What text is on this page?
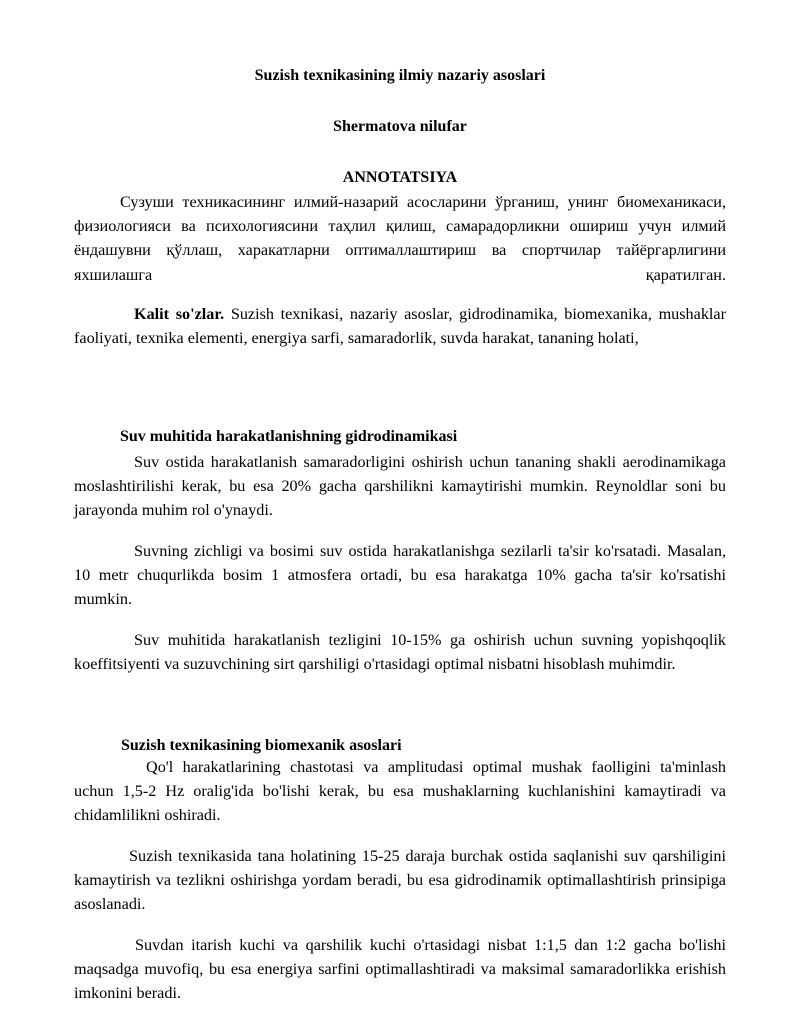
Suzish texnikasining ilmiy nazariy asoslari
Shermatova nilufar
ANNOTATSIYA

Сузуши техникасининг илмий-назарий асосларини ўрганиш, унинг биомеханикаси, физиологияси ва психологиясини таҳлил қилиш, самарадорликни ошириш учун илмий ёндашувни қўллаш, харакатларни оптималлаштириш ва спортчилар тайёргарлигини яхшилашга қаратилган.

Kalit so'zlar. Suzish texnikasi, nazariy asoslar, gidrodinamika, biomexanika, mushaklar faoliyati, texnika elementi, energiya sarfi, samaradorlik, suvda harakat, tananing holati,

Suv muhitida harakatlanishning gidrodinamikasi

Suv ostida harakatlanish samaradorligini oshirish uchun tananing shakli aerodinamikaga moslashtirilishi kerak, bu esa 20% gacha qarshilikni kamaytirishi mumkin. Reynoldlar soni bu jarayonda muhim rol o'ynaydi.

Suvning zichligi va bosimi suv ostida harakatlanishga sezilarli ta'sir ko'rsatadi. Masalan, 10 metr chuqurlikda bosim 1 atmosfera ortadi, bu esa harakatga 10% gacha ta'sir ko'rsatishi mumkin.

Suv muhitida harakatlanish tezligini 10-15% ga oshirish uchun suvning yopishqoqlik koeffitsiyenti va suzuvchining sirt qarshiligi o'rtasidagi optimal nisbatni hisoblash muhimdir.

Suzish texnikasining biomexanik asoslari

Qo'l harakatlarining chastotasi va amplitudasi optimal mushak faolligini ta'minlash uchun 1,5-2 Hz oralig'ida bo'lishi kerak, bu esa mushaklarning kuchlanishini kamaytiradi va chidamlilikni oshiradi.

Suzish texnikasida tana holatining 15-25 daraja burchak ostida saqlanishi suv qarshiligini kamaytirish va tezlikni oshirishga yordam beradi, bu esa gidrodinamik optimallashtirish prinsipiga asoslanadi.

Suvdan itarish kuchi va qarshilik kuchi o'rtasidagi nisbat 1:1,5 dan 1:2 gacha bo'lishi maqsadga muvofiq, bu esa energiya sarfini optimallashtiradi va maksimal samaradorlikka erishish imkonini beradi.
